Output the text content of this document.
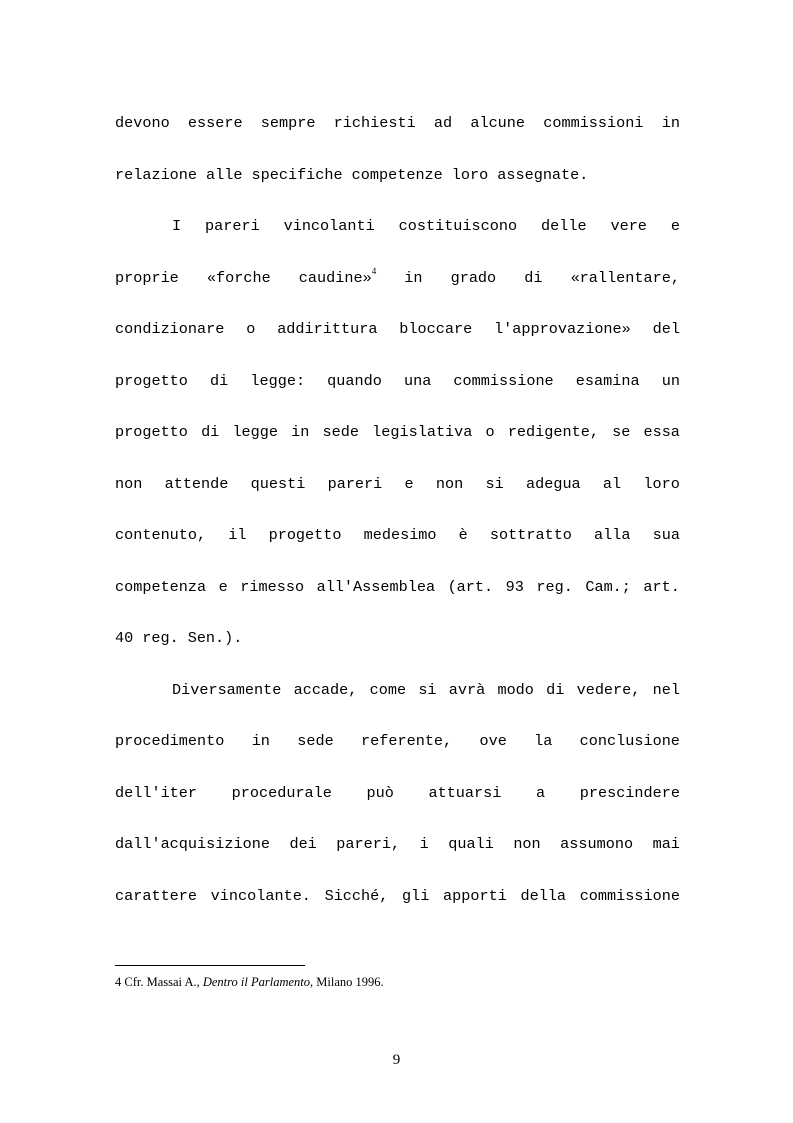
devono essere sempre richiesti ad alcune commissioni in
relazione alle specifiche competenze loro assegnate.
I pareri vincolanti costituiscono delle vere e
proprie «forche caudine»$^4$ in grado di «rallentare,
condizionare o addirittura bloccare l'approvazione» del
progetto di legge: quando una commissione esamina un
progetto di legge in sede legislativa o redigente, se essa
non attende questi pareri e non si adegua al loro
contenuto, il progetto medesimo è sottratto alla sua
competenza e rimesso all'Assemblea (art. 93 reg. Cam.; art.
40 reg. Sen.).
Diversamente accade, come si avrà modo di vedere, nel
procedimento in sede referente, ove la conclusione
dell'iter procedurale può attuarsi a prescindere
dall'acquisizione dei pareri, i quali non assumono mai
carattere vincolante. Sicché, gli apporti della commissione
4 Cfr. Massai A., Dentro il Parlamento, Milano 1996.
9
